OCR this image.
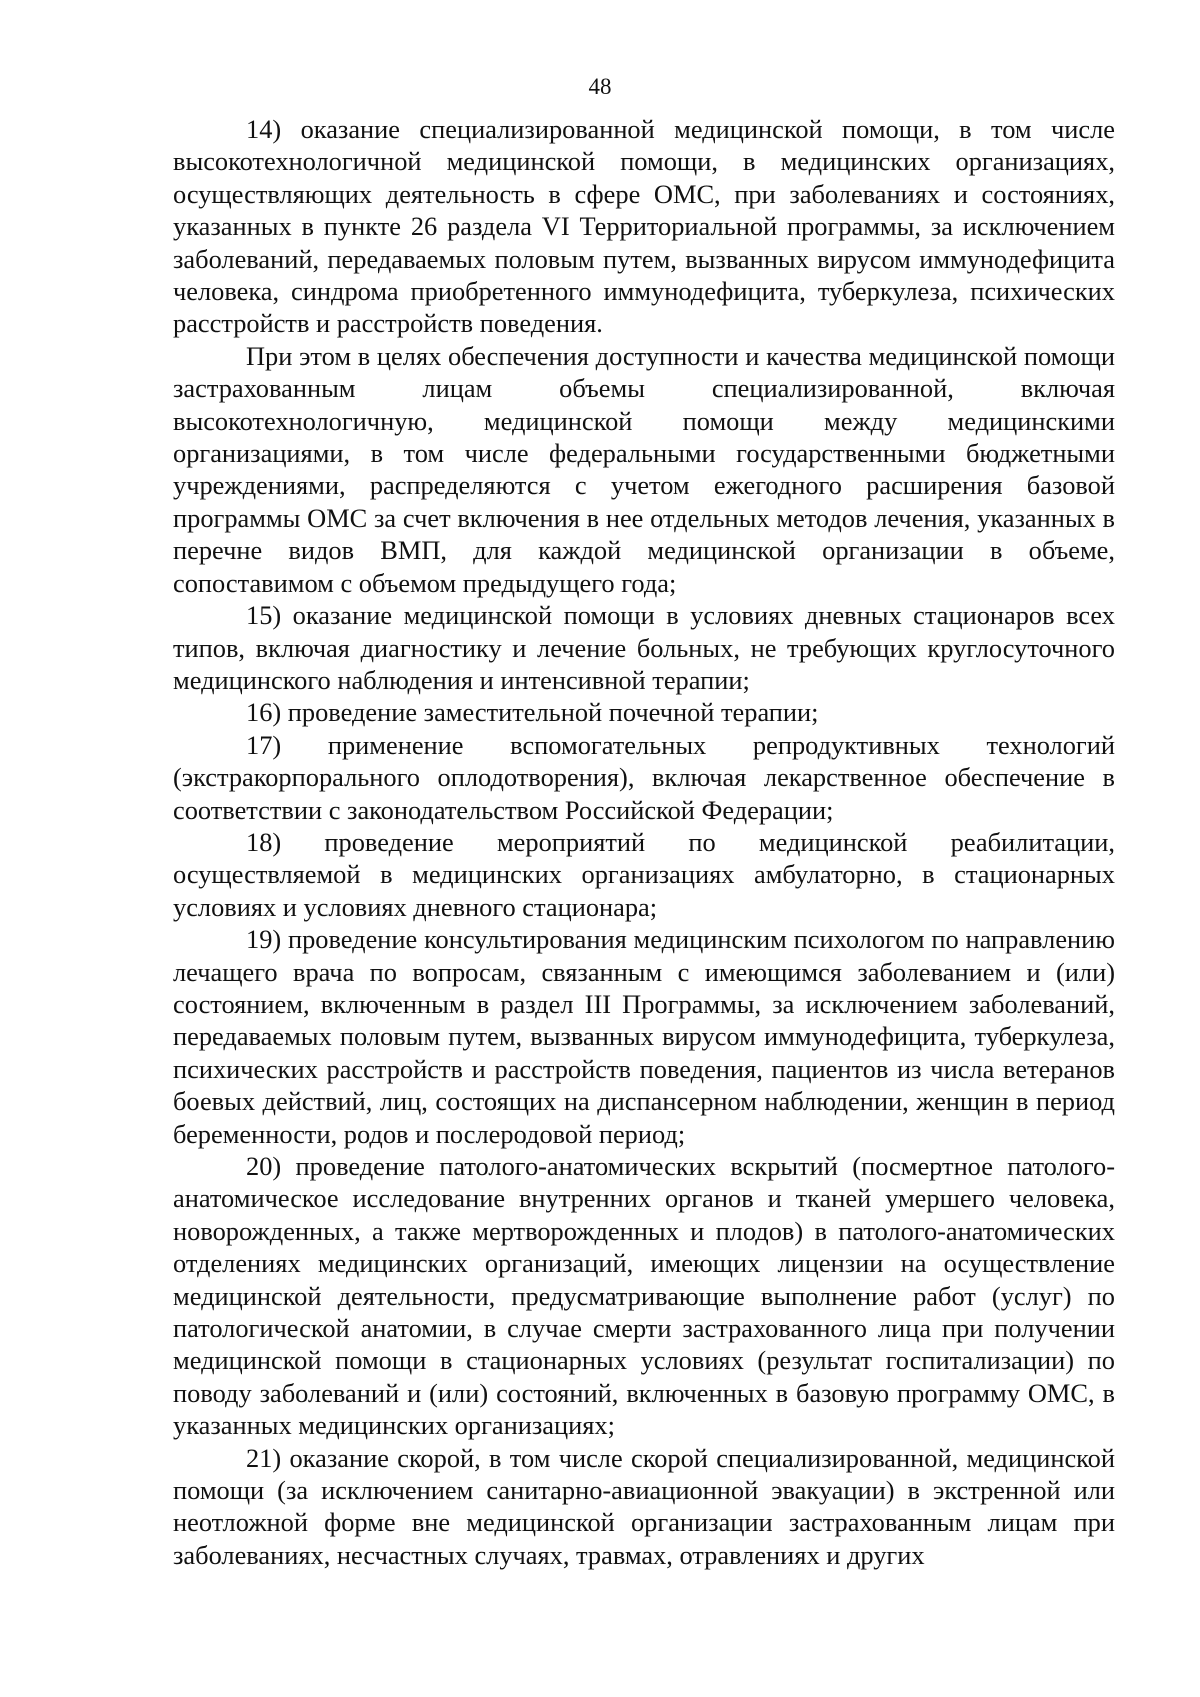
48

14) оказание специализированной медицинской помощи, в том числе высокотехнологичной медицинской помощи, в медицинских организациях, осуществляющих деятельность в сфере ОМС, при заболеваниях и состояниях, указанных в пункте 26 раздела VI Территориальной программы, за исключением заболеваний, передаваемых половым путем, вызванных вирусом иммунодефицита человека, синдрома приобретенного иммунодефицита, туберкулеза, психических расстройств и расстройств поведения.

При этом в целях обеспечения доступности и качества медицинской помощи застрахованным лицам объемы специализированной, включая высокотехнологичную, медицинской помощи между медицинскими организациями, в том числе федеральными государственными бюджетными учреждениями, распределяются с учетом ежегодного расширения базовой программы ОМС за счет включения в нее отдельных методов лечения, указанных в перечне видов ВМП, для каждой медицинской организации в объеме, сопоставимом с объемом предыдущего года;

15) оказание медицинской помощи в условиях дневных стационаров всех типов, включая диагностику и лечение больных, не требующих круглосуточного медицинского наблюдения и интенсивной терапии;

16) проведение заместительной почечной терапии;

17) применение вспомогательных репродуктивных технологий (экстракорпорального оплодотворения), включая лекарственное обеспечение в соответствии с законодательством Российской Федерации;

18) проведение мероприятий по медицинской реабилитации, осуществляемой в медицинских организациях амбулаторно, в стационарных условиях и условиях дневного стационара;

19) проведение консультирования медицинским психологом по направлению лечащего врача по вопросам, связанным с имеющимся заболеванием и (или) состоянием, включенным в раздел III Программы, за исключением заболеваний, передаваемых половым путем, вызванных вирусом иммунодефицита, туберкулеза, психических расстройств и расстройств поведения, пациентов из числа ветеранов боевых действий, лиц, состоящих на диспансерном наблюдении, женщин в период беременности, родов и послеродовой период;

20) проведение патолого-анатомических вскрытий (посмертное патолого-анатомическое исследование внутренних органов и тканей умершего человека, новорожденных, а также мертворожденных и плодов) в патолого-анатомических отделениях медицинских организаций, имеющих лицензии на осуществление медицинской деятельности, предусматривающие выполнение работ (услуг) по патологической анатомии, в случае смерти застрахованного лица при получении медицинской помощи в стационарных условиях (результат госпитализации) по поводу заболеваний и (или) состояний, включенных в базовую программу ОМС, в указанных медицинских организациях;

21) оказание скорой, в том числе скорой специализированной, медицинской помощи (за исключением санитарно-авиационной эвакуации) в экстренной или неотложной форме вне медицинской организации застрахованным лицам при заболеваниях, несчастных случаях, травмах, отравлениях и других
